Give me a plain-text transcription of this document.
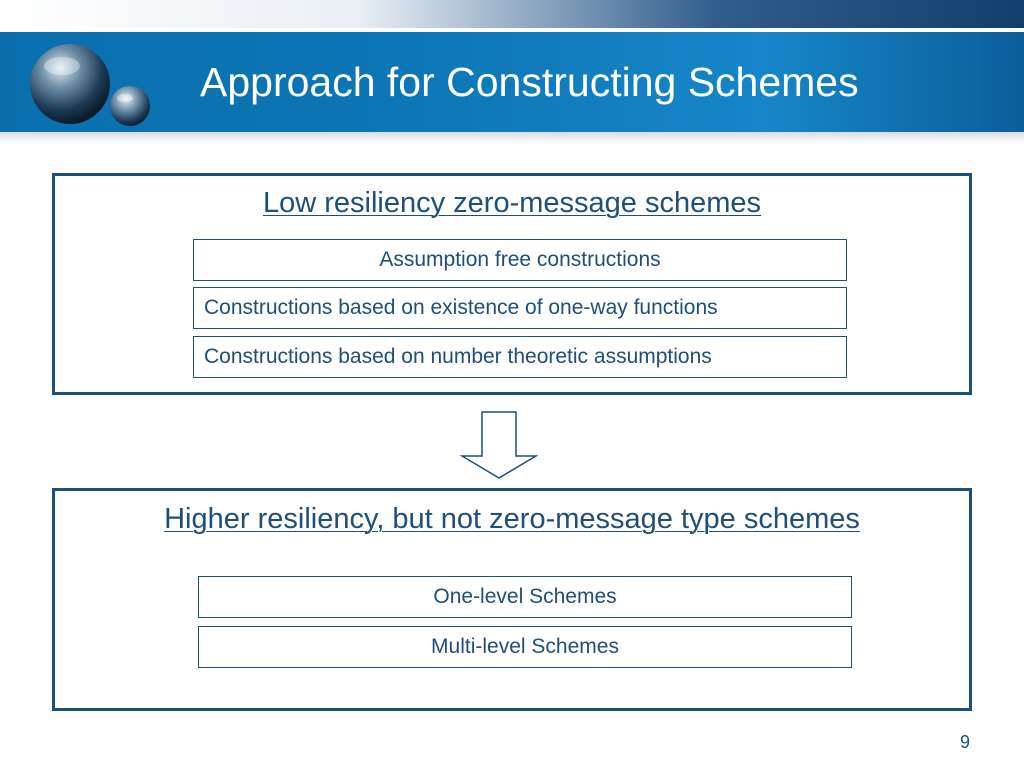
Approach for Constructing Schemes
Low resiliency zero-message schemes
Assumption free constructions
Constructions based on existence of one-way functions
Constructions based on number theoretic assumptions
Higher resiliency, but not zero-message type schemes
One-level Schemes
Multi-level Schemes
9
